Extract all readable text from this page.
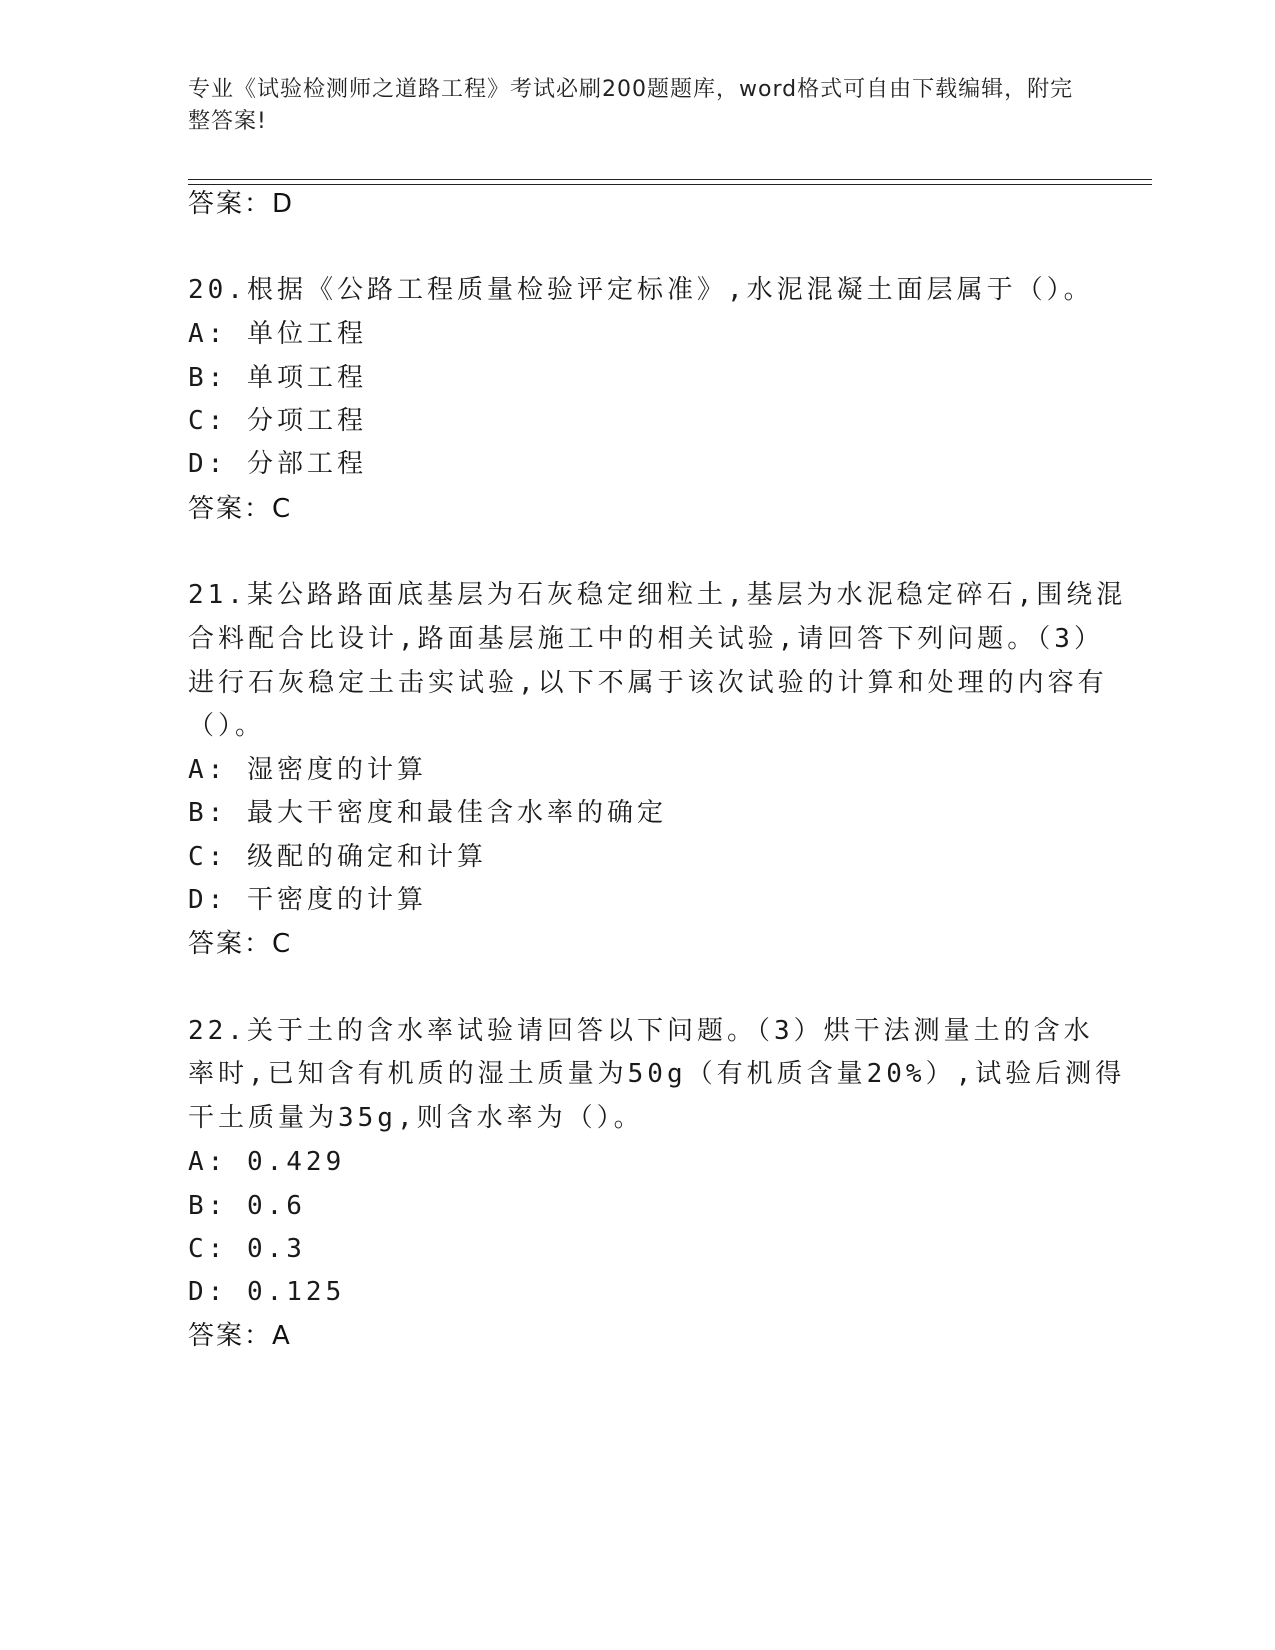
专业《试验检测师之道路工程》考试必刷200题题库，word格式可自由下载编辑，附完整答案!
答案：D
20.根据《公路工程质量检验评定标准》,水泥混凝土面层属于（）。
A: 单位工程
B: 单项工程
C: 分项工程
D: 分部工程
答案：C
21.某公路路面底基层为石灰稳定细粒土,基层为水泥稳定碎石,围绕混
合料配合比设计,路面基层施工中的相关试验,请回答下列问题。（3）
进行石灰稳定土击实试验,以下不属于该次试验的计算和处理的内容有
（）。
A: 湿密度的计算
B: 最大干密度和最佳含水率的确定
C: 级配的确定和计算
D: 干密度的计算
答案：C
22.关于土的含水率试验请回答以下问题。（3）烘干法测量土的含水
率时,已知含有机质的湿土质量为50g（有机质含量20%）,试验后测得
干土质量为35g,则含水率为（）。
A: 0.429
B: 0.6
C: 0.3
D: 0.125
答案：A
